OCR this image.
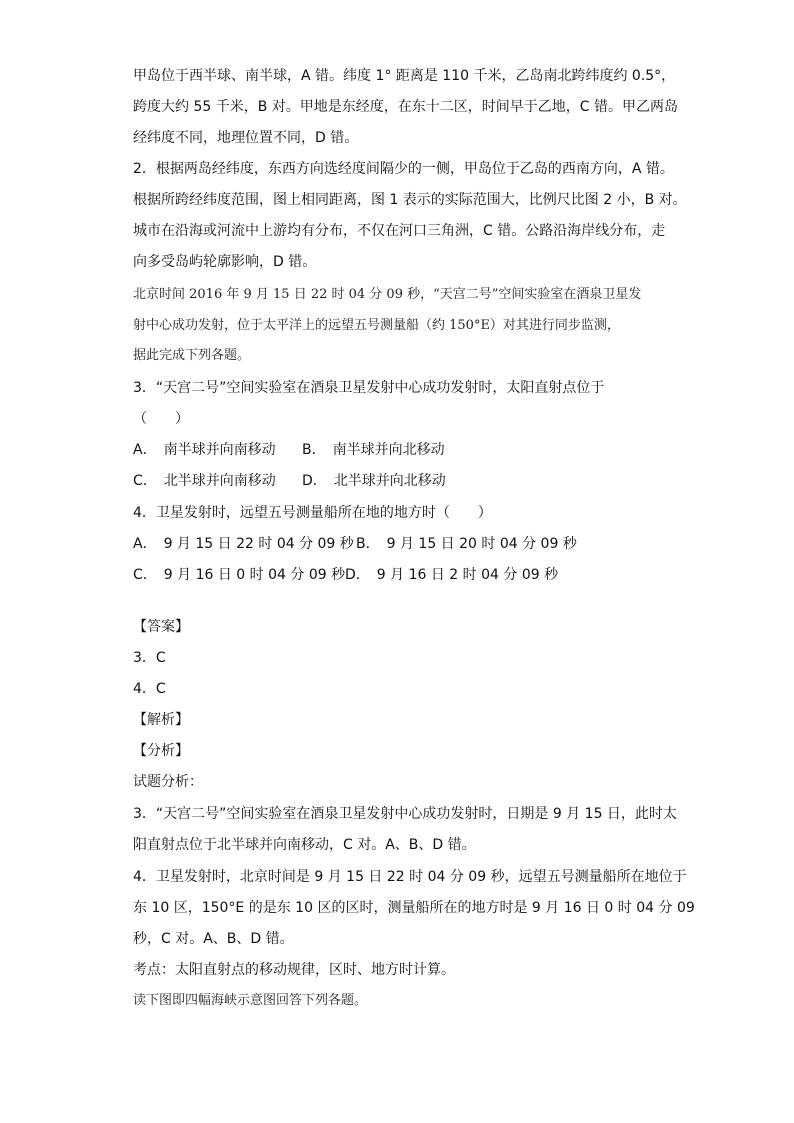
甲岛位于西半球、南半球，A 错。纬度 1° 距离是 110 千米，乙岛南北跨纬度约 0.5°，
跨度大约 55 千米，B 对。甲地是东经度，在东十二区，时间早于乙地，C 错。甲乙两岛
经纬度不同，地理位置不同，D 错。
2．根据两岛经纬度，东西方向选经度间隔少的一侧，甲岛位于乙岛的西南方向，A 错。
根据所跨经纬度范围，图上相同距离，图 1 表示的实际范围大，比例尺比图 2 小，B 对。
城市在沿海或河流中上游均有分布，不仅在河口三角洲，C 错。公路沿海岸线分布，走
向多受岛屿轮廓影响，D 错。
北京时间 2016 年 9 月 15 日 22 时 04 分 09 秒，“天宫二号”空间实验室在酒泉卫星发
射中心成功发射，位于太平洋上的远望五号测量船（约 150°E）对其进行同步监测，
据此完成下列各题。
3．“天宫二号”空间实验室在酒泉卫星发射中心成功发射时，太阳直射点位于
（　　）
A．　南半球并向南移动 B．　南半球并向北移动
C．　北半球并向南移动 D．　北半球并向北移动
4．卫星发射时，远望五号测量船所在地的地方时（　　）
A．　9 月 15 日 22 时 04 分 09 秒 B．　9 月 15 日 20 时 04 分 09 秒
C．　9 月 16 日 0 时 04 分 09 秒 D．　9 月 16 日 2 时 04 分 09 秒
【答案】
3．C
4．C
【解析】
【分析】
试题分析：
3．“天宫二号”空间实验室在酒泉卫星发射中心成功发射时，日期是 9 月 15 日，此时太
阳直射点位于北半球并向南移动，C 对。A、B、D 错。
4．卫星发射时，北京时间是 9 月 15 日 22 时 04 分 09 秒，远望五号测量船所在地位于
东 10 区，150°E 的是东 10 区的区时，测量船所在的地方时是 9 月 16 日 0 时 04 分 09
秒，C 对。A、B、D 错。
考点：太阳直射点的移动规律，区时、地方时计算。
读下图即四幅海峡示意图回答下列各题。
